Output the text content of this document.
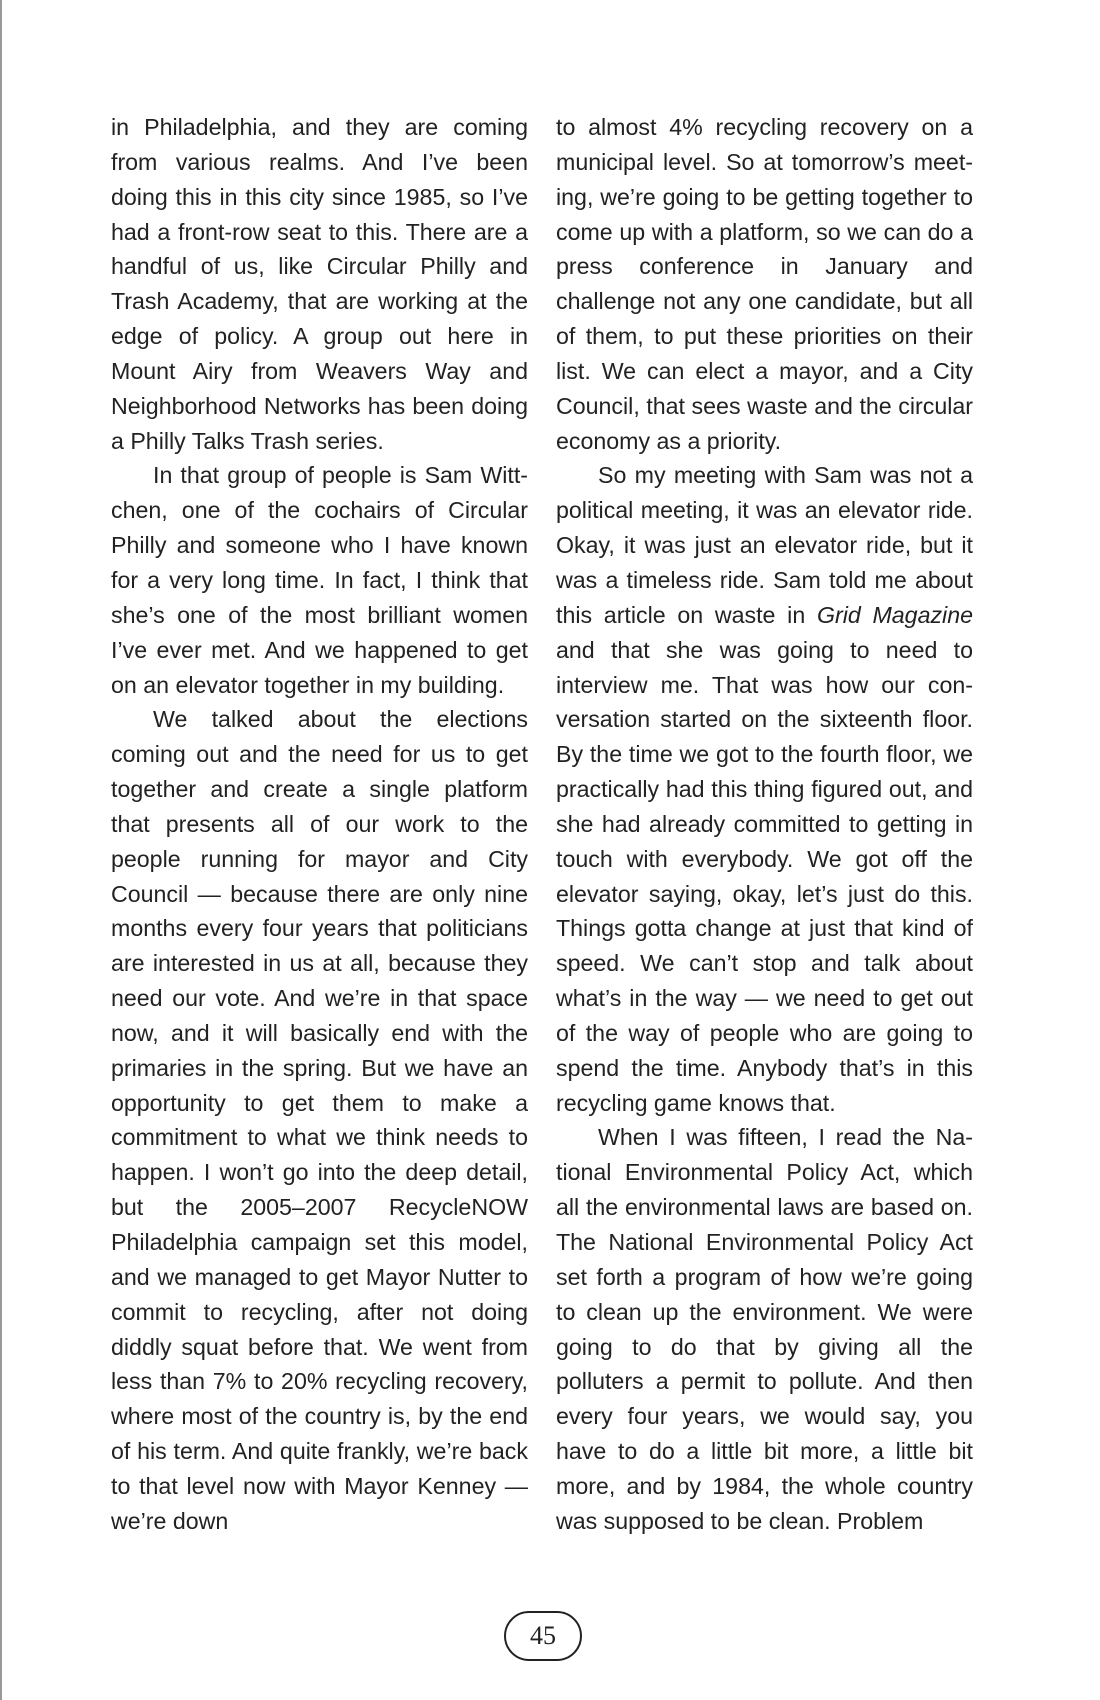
in Philadelphia, and they are coming from various realms. And I’ve been doing this in this city since 1985, so I’ve had a front-row seat to this. There are a handful of us, like Circular Philly and Trash Academy, that are working at the edge of policy. A group out here in Mount Airy from Weavers Way and Neighborhood Networks has been doing a Philly Talks Trash series.

In that group of people is Sam Wittchen, one of the cochairs of Circular Philly and someone who I have known for a very long time. In fact, I think that she’s one of the most brilliant women I’ve ever met. And we happened to get on an elevator together in my building.

We talked about the elections coming out and the need for us to get together and create a single platform that presents all of our work to the people running for mayor and City Council — because there are only nine months every four years that politicians are interested in us at all, because they need our vote. And we’re in that space now, and it will basically end with the primaries in the spring. But we have an opportunity to get them to make a commitment to what we think needs to happen. I won’t go into the deep detail, but the 2005–2007 RecycleNOW Philadelphia campaign set this model, and we managed to get Mayor Nutter to commit to recycling, after not doing diddly squat before that. We went from less than 7% to 20% recycling recovery, where most of the country is, by the end of his term. And quite frankly, we’re back to that level now with Mayor Kenney — we’re down

to almost 4% recycling recovery on a municipal level. So at tomorrow’s meeting, we’re going to be getting together to come up with a platform, so we can do a press conference in January and challenge not any one candidate, but all of them, to put these priorities on their list. We can elect a mayor, and a City Council, that sees waste and the circular economy as a priority.

So my meeting with Sam was not a political meeting, it was an elevator ride. Okay, it was just an elevator ride, but it was a timeless ride. Sam told me about this article on waste in Grid Magazine and that she was going to need to interview me. That was how our conversation started on the sixteenth floor. By the time we got to the fourth floor, we practically had this thing figured out, and she had already committed to getting in touch with everybody. We got off the elevator saying, okay, let’s just do this. Things gotta change at just that kind of speed. We can’t stop and talk about what’s in the way — we need to get out of the way of people who are going to spend the time. Anybody that’s in this recycling game knows that.

When I was fifteen, I read the National Environmental Policy Act, which all the environmental laws are based on. The National Environmental Policy Act set forth a program of how we’re going to clean up the environment. We were going to do that by giving all the polluters a permit to pollute. And then every four years, we would say, you have to do a little bit more, a little bit more, and by 1984, the whole country was supposed to be clean. Problem

45
